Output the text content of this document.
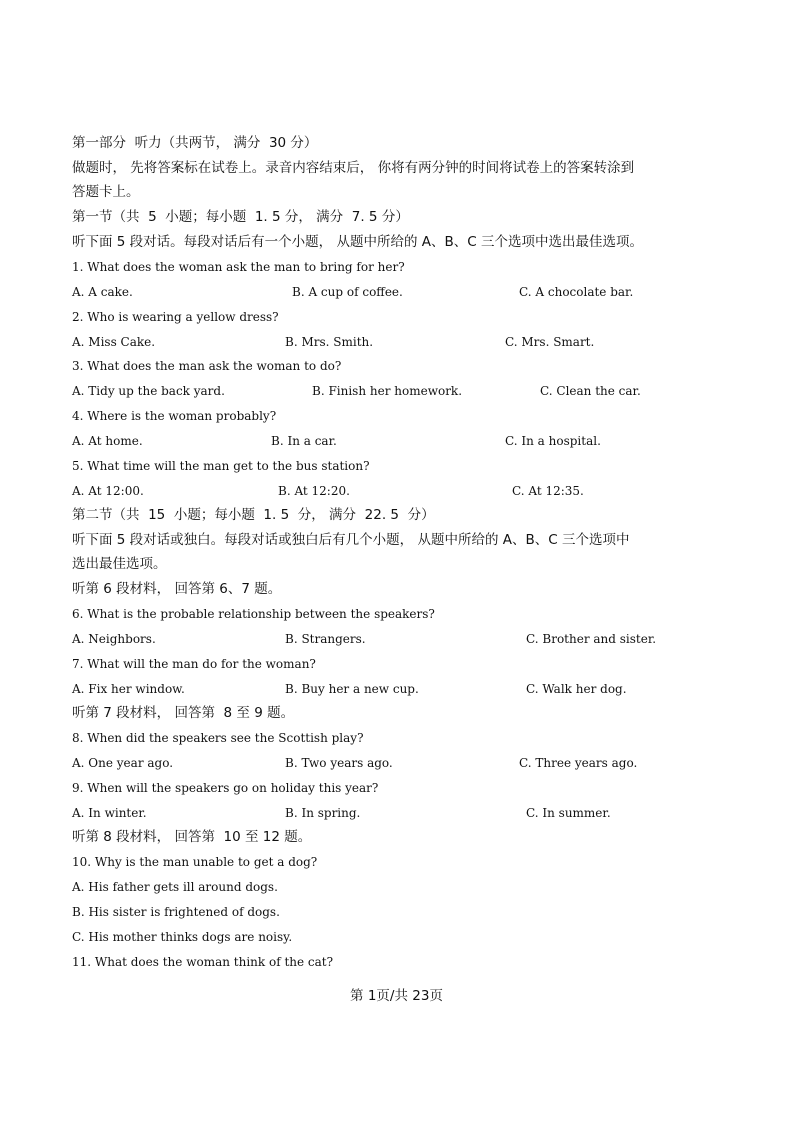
第一部分  听力（共两节， 满分  30 分）
做题时， 先将答案标在试卷上。录音内容结束后， 你将有两分钟的时间将试卷上的答案转涂到
答题卡上。
第一节（共  5  小题；每小题  1. 5 分， 满分  7. 5 分）
听下面 5 段对话。每段对话后有一个小题， 从题中所给的 A、B、C 三个选项中选出最佳选项。
1. What does the woman ask the man to bring for her?
A. A cake.	B. A cup of coffee.	C. A chocolate bar.
2. Who is wearing a yellow dress?
A. Miss Cake.	B. Mrs. Smith.	C. Mrs. Smart.
3. What does the man ask the woman to do?
A. Tidy up the back yard.	B. Finish her homework.	C. Clean the car.
4. Where is the woman probably?
A. At home.	B. In a car.	C. In a hospital.
5. What time will the man get to the bus station?
A. At 12:00.	B. At 12:20.	C. At 12:35.
第二节（共  15  小题；每小题  1. 5  分， 满分  22. 5  分）
听下面 5 段对话或独白。每段对话或独白后有几个小题， 从题中所给的 A、B、C 三个选项中
选出最佳选项。
听第 6 段材料， 回答第 6、7 题。
6. What is the probable relationship between the speakers?
A. Neighbors.	B. Strangers.	C. Brother and sister.
7. What will the man do for the woman?
A. Fix her window.	B. Buy her a new cup.	C. Walk her dog.
听第 7 段材料， 回答第  8 至 9 题。
8. When did the speakers see the Scottish play?
A. One year ago.	B. Two years ago.	C. Three years ago.
9. When will the speakers go on holiday this year?
A. In winter.	B. In spring.	C. In summer.
听第 8 段材料， 回答第  10 至 12 题。
10. Why is the man unable to get a dog?
A. His father gets ill around dogs.
B. His sister is frightened of dogs.
C. His mother thinks dogs are noisy.
11. What does the woman think of the cat?
第 1页/共 23页
